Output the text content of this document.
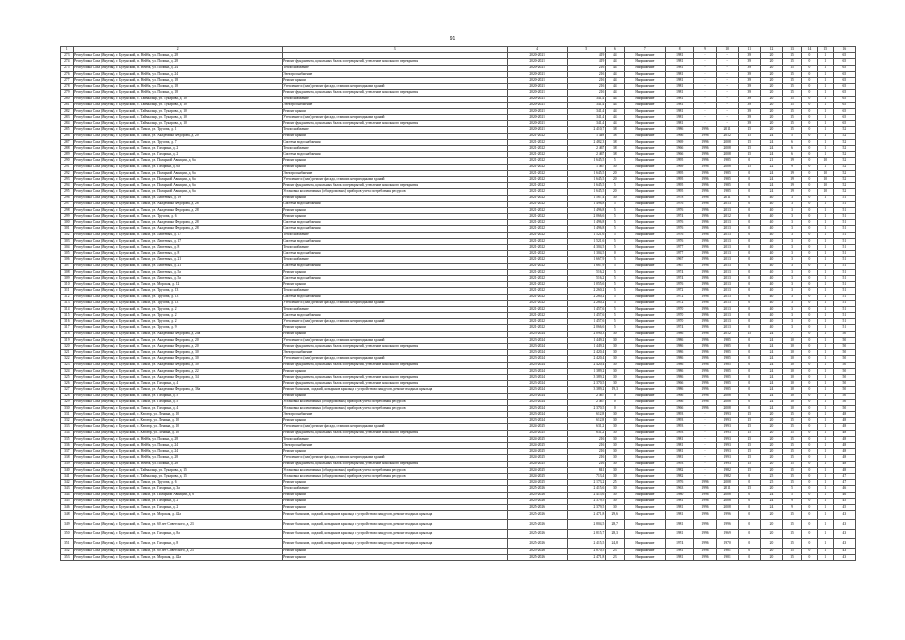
91
1	2	3	4	5	6	7	8	9	10	11	12	13	14	15	16
273	Республика Саха (Якутия), г. Булунский, п. Нейба, ул. Полина, д. 28		2020-2021	419	44	Напряжение	1981	-	-	39	20	15	0	1	65
274	Республика Саха (Якутия), г. Булунский, п. Нейба, ул. Полина, д. 28	Ремонт фундамента, цокольных балок и перекрытий, утепление кокольного перекрытия	2020-2021	419	44	Напряжение	1981	-	-	39	20	15	0	1	65
275	Республика Саха (Якутия), г. Булунский, п. Нейба, ул. Полина, д. 24	Теплоснабжение	2020-2021	216	44	Напряжение	1981	-	-	39	20	15	0	1	65
276	Республика Саха (Якутия), г. Булунский, п. Нейба, ул. Полина, д. 24	Электроснабжение	2020-2021	216	44	Напряжение	1981	-	-	39	20	15	0	1	65
277	Республика Саха (Якутия), г. Булунский, п. Нейба, ул. Полина, д. 18	Ремонт крыши	2020-2021	216	44	Напряжение	1981	-	-	39	20	15	0	1	65
278	Республика Саха (Якутия), г. Булунский, п. Нейба, ул. Полина, д. 18	Утепление и (или) ремонт фасада, ставших непригодными зданий	2020-2021	216	44	Напряжение	1981	-	-	39	20	15	0	1	65
279	Республика Саха (Якутия), г. Булунский, п. Нейба, ул. Полина, д. 18	Ремонт фундамента, цокольных балок и перекрытий, утепление кокольного перекрытия	2020-2021	216	44	Напряжение	1981	-	-	39	20	15	0	1	65
280	Республика Саха (Якутия), г. Булунский, с. Таймылыр, ул. Тукарова, д. 10	Теплоснабжение	2020-2021	341,4	44	Напряжение	1981	-	-	39	20	15	0	1	65
281	Республика Саха (Якутия), г. Булунский, с. Таймылыр, ул. Тукарова, д. 10	Электроснабжение	2020-2021	341,4	44	Напряжение	1981	-	-	39	20	15	0	1	65
282	Республика Саха (Якутия), г. Булунский, с. Таймылыр, ул. Тукарова, д. 10	Ремонт крыши	2020-2021	341,4	44	Напряжение	1981	-	-	39	20	15	0	1	65
283	Республика Саха (Якутия), г. Булунский, с. Таймылыр, ул. Тукарова, д. 10	Утепление и (или) ремонт фасада, ставших непригодными зданий	2020-2021	341,4	44	Напряжение	1981	-	-	39	20	15	0	1	65
284	Республика Саха (Якутия), г. Булунский, с. Таймылыр, ул. Тукарова, д. 10	Ремонт фундамента, цокольных балок и перекрытий, утепление кокольного перекрытия	2020-2021	341,4	44	Напряжение	1981	-	-	39	20	15	0	1	65
285	Республика Саха (Якутия), г. Булунский, п. Тикси, ул. Трусова, д. 1	Теплоснабжение	2020-2021	2 410,7	38	Напряжение	1986	1996	2011	15	20	15	0	1	52
286	Республика Саха (Якутия), г. Булунский, п. Тикси, ул. Академика Федорова, д. 20	Ремонт крыши	2021-2022	1 449	38	Напряжение	1966	1996	2012	15	24	5	0	1	52
287	Республика Саха (Якутия), г. Булунский, п. Тикси, ул. Трусова, д. 7	Система водоснабжения	2021-2022	2 482,3	38	Напряжение	1969	1996	2008	15	24	6	0	1	52
288	Республика Саха (Якутия), г. Булунский, п. Тикси, ул. Гагарина, д. 2	Теплоснабжение	2021-2022	2 467	38	Напряжение	1966	1996	2008	15	24	6	0	1	52
289	Республика Саха (Якутия), г. Булунский, п. Тикси, ул. Гагарина, д. 2	Система водоснабжения	2021-2022	2 467	38	Напряжение	1966	1996	2008	15	24	6	0	1	52
290	Республика Саха (Якутия), г. Булунский, п. Тикси, ул. Полярной Авиации, д. 6а	Ремонт крыши	2021-2022	1 645,5	5	Напряжение	1995	1996	1985	0	21	19	0	10	52
291	Республика Саха (Якутия), г. Булунский, п. Тикси, ул. Гагарина, д. 6а	Ремонт крыши	2021-2022	1 467	30	Напряжение	1969	1996	2008	15	22	9	0	1	52
292	Республика Саха (Якутия), г. Булунский, п. Тикси, ул. Полярной Авиации, д. 6а	Электроснабжение	2021-2022	1 645,5	20	Напряжение	1995	1996	1985	0	24	19	0	10	52
293	Республика Саха (Якутия), г. Булунский, п. Тикси, ул. Полярной Авиации, д. 6а	Утепление и (или) ремонт фасада, ставших непригодными зданий	2021-2022	1 645,5	20	Напряжение	1995	1996	1985	0	24	19	0	10	52
294	Республика Саха (Якутия), г. Булунский, п. Тикси, ул. Полярной Авиации, д. 6а	Ремонт фундамента, цокольных балок и перекрытий, утепление кокольного перекрытия	2021-2022	1 645,5	5	Напряжение	1995	1996	1985	0	24	19	0	10	52
295	Республика Саха (Якутия), г. Булунский, п. Тикси, ул. Полярной Авиации, д. 6а	Установка коллективных (общедомовых) приборов учета потребления ресурсов	2021-2022	1 645,5	20	Напряжение	1995	1996	1985	0	24	19	0	10	52
296	Республика Саха (Якутия), г. Булунский, п. Тикси, ул. Лаптевых, д. 19	Ремонт крыши	2021-2022	1 567,4	30	Напряжение	1978	1996	2011	0	40	3	0	1	51
297	Республика Саха (Якутия), г. Булунский, п. Тикси, ул. Академика Федорова, д. 28	Система водоснабжения	2021-2022	1 496,8	5	Напряжение	1976	1996	2013	0	40	3	0	1	51
298	Республика Саха (Якутия), г. Булунский, п. Тикси, ул. Академика Федорова, д. 28	Ремонт крыши	2021-2022	1 496,8	5	Напряжение	1976	1996	2013	0	40	3	0	1	51
299	Республика Саха (Якутия), г. Булунский, п. Тикси, ул. Трусова, д. 6	Ремонт крыши	2021-2022	2 066,6	5	Напряжение	1974	1996	2012	0	40	3	0	1	51
300	Республика Саха (Якутия), г. Булунский, п. Тикси, ул. Академика Федорова, д. 28	Система водоснабжения	2021-2022	1 496,8	5	Напряжение	1976	1996	2013	0	40	3	0	1	51
301	Республика Саха (Якутия), г. Булунский, п. Тикси, ул. Академика Федорова, д. 28	Система водоснабжения	2021-2022	1 496,8	5	Напряжение	1976	1996	2013	0	40	3	0	1	51
302	Республика Саха (Якутия), г. Булунский, п. Тикси, ул. Лаптевых, д. 17	Теплоснабжение	2021-2022	1 521,6	5	Напряжение	1976	1996	2013	0	40	3	0	1	51
303	Республика Саха (Якутия), г. Булунский, п. Тикси, ул. Лаптевых, д. 17	Система водоснабжения	2021-2022	1 521,6	5	Напряжение	1976	1996	2013	0	40	3	0	1	51
304	Республика Саха (Якутия), г. Булунский, п. Тикси, ул. Лаптевых, д. 8	Теплоснабжение	2021-2022	4 304,5	5	Напряжение	1977	1996	2013	0	40	3	0	1	51
305	Республика Саха (Якутия), г. Булунский, п. Тикси, ул. Лаптевых, д. 8	Система водоснабжения	2021-2022	1 304,5	0	Напряжение	1977	1996	2013	0	40	3	0	1	51
306	Республика Саха (Якутия), г. Булунский, п. Тикси, ул. Лаптевых, д. 21	Теплоснабжение	2021-2022	1 667,9	5	Напряжение	1967	1996	2013	0	40	3	0	1	51
307	Республика Саха (Якутия), г. Булунский, п. Тикси, ул. Лаптевых, д. 21	Система водоснабжения	2021-2022	1 667,9	5	Напряжение	1967	1996	2013	0	40	3	0	1	51
308	Республика Саха (Якутия), г. Булунский, п. Тикси, ул. Лаптевых, д. 5а	Ремонт крыши	2021-2022	516,2	5	Напряжение	1974	1996	2013	0	40	3	0	1	51
309	Республика Саха (Якутия), г. Булунский, п. Тикси, ул. Лаптевых, д. 5а	Система водоснабжения	2021-2022	516,2	5	Напряжение	1974	1996	2013	0	40	3	0	1	51
310	Республика Саха (Якутия), г. Булунский, п. Тикси, ул. Морская, д. 12	Ремонт крыши	2021-2022	1 055,6	5	Напряжение	1976	1996	2013	0	40	3	0	1	51
311	Республика Саха (Якутия), г. Булунский, п. Тикси, ул. Трусова, д. 13	Теплоснабжение	2021-2022	2 260,2	5	Напряжение	1972	1996	2013	0	40	3	0	1	51
312	Республика Саха (Якутия), г. Булунский, п. Тикси, ул. Трусова, д. 13	Система водоснабжения	2021-2022	2 260,2	5	Напряжение	1972	1996	2013	0	40	3	0	1	51
313	Республика Саха (Якутия), г. Булунский, п. Тикси, ул. Трусова, д. 13	Утепление и (или) ремонт фасада, ставших непригодными зданий	2021-2022	2 260,2	5	Напряжение	1972	1996	2013	0	40	3	0	1	51
314	Республика Саха (Якутия), г. Булунский, п. Тикси, ул. Трусова, д. 2	Теплоснабжение	2021-2022	1 457,6	5	Напряжение	1970	1996	2013	0	40	3	0	1	51
315	Республика Саха (Якутия), г. Булунский, п. Тикси, ул. Трусова, д. 2	Система водоснабжения	2021-2022	1 457,6	5	Напряжение	1970	1996	2013	0	40	3	0	1	51
316	Республика Саха (Якутия), г. Булунский, п. Тикси, ул. Трусова, д. 2	Утепление и (или) ремонт фасада, ставших непригодными зданий	2021-2022	1 457,6	5	Напряжение	1970	1996	2013	0	40	3	0	1	51
317	Республика Саха (Якутия), г. Булунский, п. Тикси, ул. Трусова, д. 9	Ремонт крыши	2021-2022	2 066,6	5	Напряжение	1974	1996	2013	0	40	3	0	1	51
318	Республика Саха (Якутия), г. Булунский, п. Тикси, ул. Академика Федорова, д. 20а	Ремонт крыши	2023-2024	2 090,3	30	Напряжение	1986	1996	2012	15	24	7	0	1	50
319	Республика Саха (Якутия), г. Булунский, п. Тикси, ул. Академика Федорова, д. 20	Утепление и (или) ремонт фасада, ставших непригодными зданий	2023-2024	1 449,2	30	Напряжение	1986	1996	1985	0	24	10	0	1	50
320	Республика Саха (Якутия), г. Булунский, п. Тикси, ул. Академика Федорова, д. 20	Ремонт фундамента, цокольных балок и перекрытий, утепление кокольного перекрытия	2023-2024	1 449,2	30	Напряжение	1986	1996	1985	0	24	10	0	1	50
321	Республика Саха (Якутия), г. Булунский, п. Тикси, ул. Академика Федорова, д. 30	Электроснабжение	2023-2024	2 420,4	30	Напряжение	1986	1996	1985	0	24	10	0	1	50
322	Республика Саха (Якутия), г. Булунский, п. Тикси, ул. Академика Федорова, д. 30	Утепление и (или) ремонт фасада, ставших непригодными зданий	2023-2024	2 420,4	30	Напряжение	1986	1996	1985	0	24	10	0	1	50
323	Республика Саха (Якутия), г. Булунский, п. Тикси, ул. Академика Федорова, д. 30	Ремонт фундамента, цокольных балок и перекрытий, утепление кокольного перекрытия	2023-2024	2 420,4	30	Напряжение	1986	1996	1985	0	24	10	0	1	50
324	Республика Саха (Якутия), г. Булунский, п. Тикси, ул. Академика Федорова, д. 22	Ремонт крыши	2023-2024	1 389,2	30	Напряжение	1986	1996	1985	0	24	10	0	1	50
325	Республика Саха (Якутия), г. Булунский, п. Тикси, ул. Академика Федорова, д. 34	Ремонт фундамента, цокольных балок и перекрытий, утепление кокольного перекрытия	2023-2024	3 389,2	30	Напряжение	1986	1996	1985	0	24	10	0	1	50
326	Республика Саха (Якутия), г. Булунский, п. Тикси, ул. Гагарина, д. 4	Ремонт фундамента, цокольных балок и перекрытий, утепление кокольного перекрытия	2023-2024	2 370,5	30	Напряжение	1966	1996	1985	0	24	10	0	1	50
327	Республика Саха (Якутия), г. Булунский, п. Тикси, ул. Академика Федорова, д. 36а	Ремонт балконов, лоджий, козырьков крыльца с устройством пандусов, ремонт входных крыльца	2023-2024	3 389,2	19,3	Напряжение	1986	1996	1985	0	24	10	0	1	50
328	Республика Саха (Якутия), г. Булунский, п. Тикси, ул. Гагарина, д. 5	Ремонт крыши	2023-2024	2 467	0	Напряжение	1966	1996	2008	0	24	10	0	1	50
329	Республика Саха (Якутия), г. Булунский, п. Тикси, ул. Гагарина, д. 5	Установка коллективных (общедомовых) приборов учета потребления ресурсов	2023-2024	2 467	0	Напряжение	1966	1996	2008	0	24	10	0	1	50
330	Республика Саха (Якутия), г. Булунский, п. Тикси, ул. Гагарина, д. 4	Установка коллективных (общедомовых) приборов учета потребления ресурсов	2023-2024	2 370,5	0	Напряжение	1966	1996	2008	0	24	10	0	1	50
331	Республика Саха (Якутия), г. Булунский, с. Кюсюр, ул. Ленина, д. 10	Электроснабжение	2023-2024	612,8	30	Напряжение	1993	-	1993	15	20	15	0	1	48
332	Республика Саха (Якутия), г. Булунский, с. Кюсюр, ул. Ленина, д. 10	Ремонт крыши	2023-2024	612,8	30	Напряжение	1993	-	1993	15	20	15	0	1	48
333	Республика Саха (Якутия), г. Булунский, с. Кюсюр, ул. Ленина, д. 10	Утепление и (или) ремонт фасада, ставших непригодными зданий	2024-2025	631,2	30	Напряжение	1993	-	1993	15	20	15	0	1	48
334	Республика Саха (Якутия), г. Булунский, с. Кюсюр, ул. Ленина, д. 10	Ремонт фундамента, цокольных балок и перекрытий, утепление кокольного перекрытия	2024-2025	631,2	30	Напряжение	1993	-	1993	15	20	15	0	1	48
335	Республика Саха (Якутия), г. Булунский, п. Нейба, ул. Полина, д. 28	Теплоснабжение	2024-2025	216	30	Напряжение	1981	-	1993	15	20	15	0	1	48
336	Республика Саха (Якутия), г. Булунский, п. Нейба, ул. Полина, д. 24	Электроснабжение	2024-2025	216	30	Напряжение	1981	-	1993	15	20	15	0	1	48
337	Республика Саха (Якутия), г. Булунский, п. Нейба, ул. Полина, д. 24	Ремонт крыши	2024-2025	216	30	Напряжение	1981	-	1993	15	20	15	0	1	48
338	Республика Саха (Якутия), г. Булунский, п. Нейба, ул. Полина, д. 28	Утепление и (или) ремонт фасада, ставших непригодными зданий	2024-2025	216	30	Напряжение	1981	-	1993	15	20	15	0	1	48
339	Республика Саха (Якутия), г. Булунский, п. Нейба, ул. Полина, д. 28	Ремонт фундамента, цокольных балок и перекрытий, утепление кокольного перекрытия	2024-2025	216	30	Напряжение	1993	-	1993	15	20	15	0	1	48
340	Республика Саха (Якутия), г. Булунский, с. Таймылыр, ул. Тукарова, д. 15	Установка коллективных (общедомовых) приборов учета потребления ресурсов	2024-2025	841	30	Напряжение	1982	-	1982	15	20	15	0	1	48
341	Республика Саха (Якутия), г. Булунский, с. Таймылыр, ул. Тукарова, д. 15	Установка коллективных (общедомовых) приборов учета потребления ресурсов	2024-2025	713,4	30	Напряжение	1982	-	1982	0	25	15	0	1	47
342	Республика Саха (Якутия), г. Булунский, п. Тикси, ул. Трусова, д. 6	Ремонт крыши	2024-2025	2 173,2	25	Напряжение	1976	1996	2008	0	25	15	0	1	47
343	Республика Саха (Якутия), г. Булунский, п. Тикси, ул. Гагарина, д. 3а	Теплоснабжение	2025-2026	2 415,6	30	Напряжение	1963	1996	2011	15	20	5	0	1	46
344	Республика Саха (Якутия), г. Булунский, п. Тикси, ул. Полярной Авиации, д. 6	Ремонт крыши	2025-2026	2 415,6	30	Напряжение	1980	1996	2008	0	24	5	0	1	46
345	Республика Саха (Якутия), г. Булунский, п. Тикси, ул. Гагарина, д. 2	Ремонт крыши	2025-2026	2 379,5	30	Напряжение	1981	1996	2008	0	24	9	0	1	45
346	Республика Саха (Якутия), г. Булунский, п. Тикси, ул. Гагарина, д. 2	Ремонт крыши	2025-2026	2 379,5	30	Напряжение	1981	1996	2008	0	24	9	0	1	45
348	Республика Саха (Якутия), г. Булунский, п. Тикси, ул. Морская, д. 42а	Ремонт балконов, лоджий, козырьков крыльца с устройством пандусов, ремонт входных крыльца	2025-2026	2 471,8	29,6	Напряжение	1981	1996	1996	0	20	15	0	1	43
349	Республика Саха (Якутия), г. Булунский, п. Тикси, ул. 60 лет Советского, д. 23	Ремонт балконов, лоджий, козырьков крыльца с устройством пандусов, ремонт входных крыльца	2025-2026	2 804,5	28,7	Напряжение	1981	1996	1996	0	20	15	0	1	43
350	Республика Саха (Якутия), г. Булунский, п. Тикси, ул. Гагарина, д. 8а	Ремонт балконов, лоджий, козырьков крыльца с устройством пандусов, ремонт входных крыльца	2025-2026	2 815,7	28,3	Напряжение	1981	1996	1969	0	20	15	0	1	43
351	Республика Саха (Якутия), г. Булунский, п. Тикси, ул. Гагарина, д. 8	Ремонт балконов, лоджий, козырьков крыльца с устройством пандусов, ремонт входных крыльца	2025-2026	2 415,5	24,8	Напряжение	1974	1996	1970	0	20	15	0	1	43
352	Республика Саха (Якутия), г. Булунский, п. Тикси, ул. 60 лет Советского, д. 23	Ремонт крыши	2025-2026	2 870,5	23	Напряжение	1981	1996	1981	0	20	15	0	1	43
353	Республика Саха (Якутия), г. Булунский, п. Тикси, ул. Морская, д. 42а	Ремонт крыши	2025-2026	2 471,8	23	Напряжение	1981	1996	1981	0	20	15	0	1	43
